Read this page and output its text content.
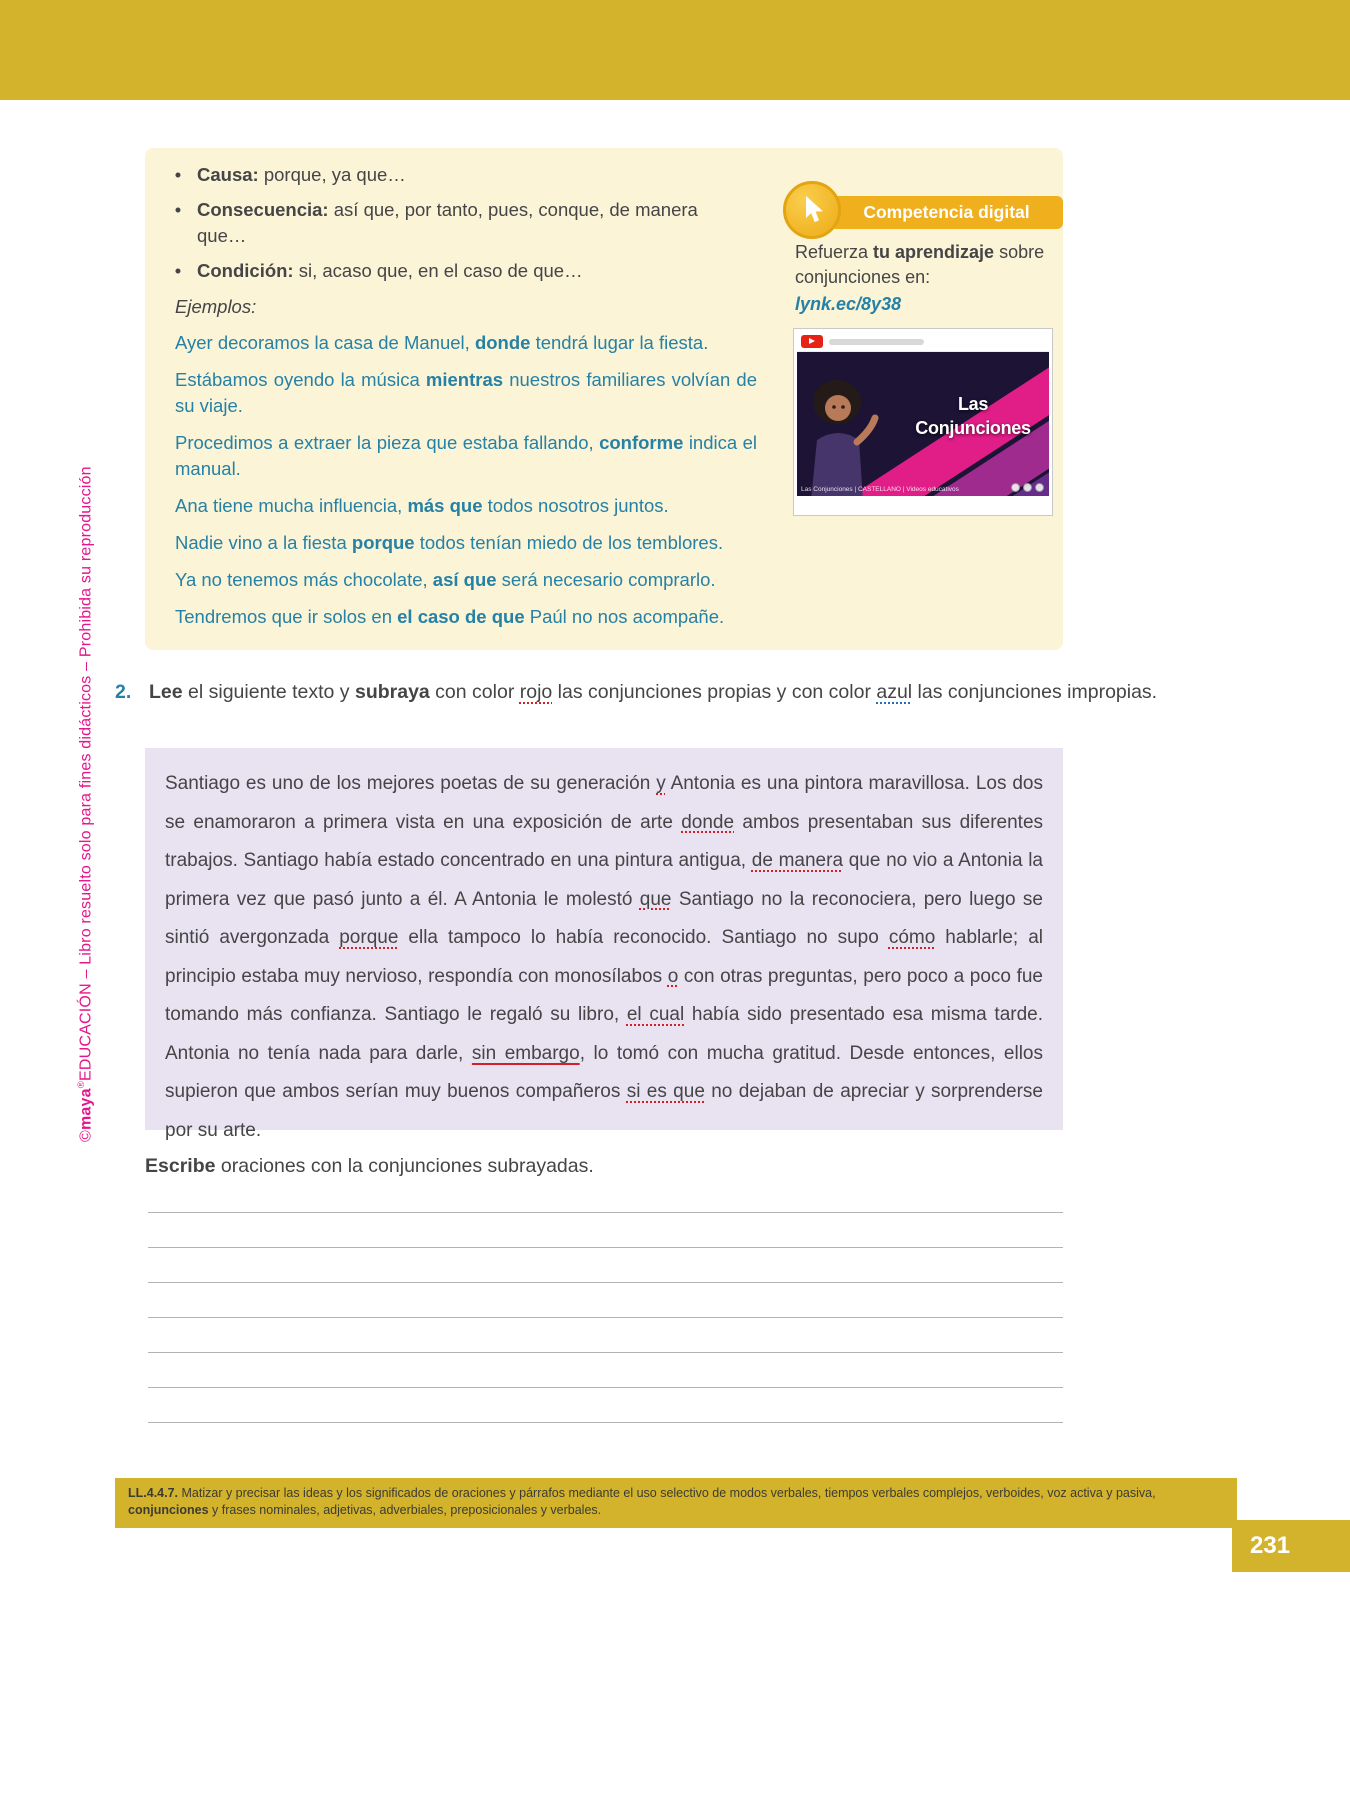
©maya®EDUCACIÓN – Libro resuelto solo para fines didácticos – Prohibida su reproducción
• Causa: porque, ya que…
• Consecuencia: así que, por tanto, pues, conque, de manera que…
• Condición: si, acaso que, en el caso de que…
Ejemplos:

Ayer decoramos la casa de Manuel, donde tendrá lugar la fiesta.

Estábamos oyendo la música mientras nuestros familiares volvían de su viaje.

Procedimos a extraer la pieza que estaba fallando, conforme indica el manual.

Ana tiene mucha influencia, más que todos nosotros juntos.

Nadie vino a la fiesta porque todos tenían miedo de los temblores.

Ya no tenemos más chocolate, así que será necesario comprarlo.

Tendremos que ir solos en el caso de que Paúl no nos acompañe.

Competencia digital

Refuerza tu aprendizaje sobre conjunciones en:

lynk.ec/8y38
Las Conjunciones
Las Conjunciones | CASTELLANO | Videos educativos
2. Lee el siguiente texto y subraya con color rojo las conjunciones propias y con color azul las conjunciones impropias.

Santiago es uno de los mejores poetas de su generación y Antonia es una pintora maravillosa. Los dos se enamoraron a primera vista en una exposición de arte donde ambos presentaban sus diferentes trabajos. Santiago había estado concentrado en una pintura antigua, de manera que no vio a Antonia la primera vez que pasó junto a él. A Antonia le molestó que Santiago no la reconociera, pero luego se sintió avergonzada porque ella tampoco lo había reconocido. Santiago no supo cómo hablarle; al principio estaba muy nervioso, respondía con monosílabos o con otras preguntas, pero poco a poco fue tomando más confianza. Santiago le regaló su libro, el cual había sido presentado esa misma tarde. Antonia no tenía nada para darle, sin embargo, lo tomó con mucha gratitud. Desde entonces, ellos supieron que ambos serían muy buenos compañeros si es que no dejaban de apreciar y sorprenderse por su arte.

Escribe oraciones con la conjunciones subrayadas.

LL.4.4.7. Matizar y precisar las ideas y los significados de oraciones y párrafos mediante el uso selectivo de modos verbales, tiempos verbales complejos, verboides, voz activa y pasiva, conjunciones y frases nominales, adjetivas, adverbiales, preposicionales y verbales.

231
